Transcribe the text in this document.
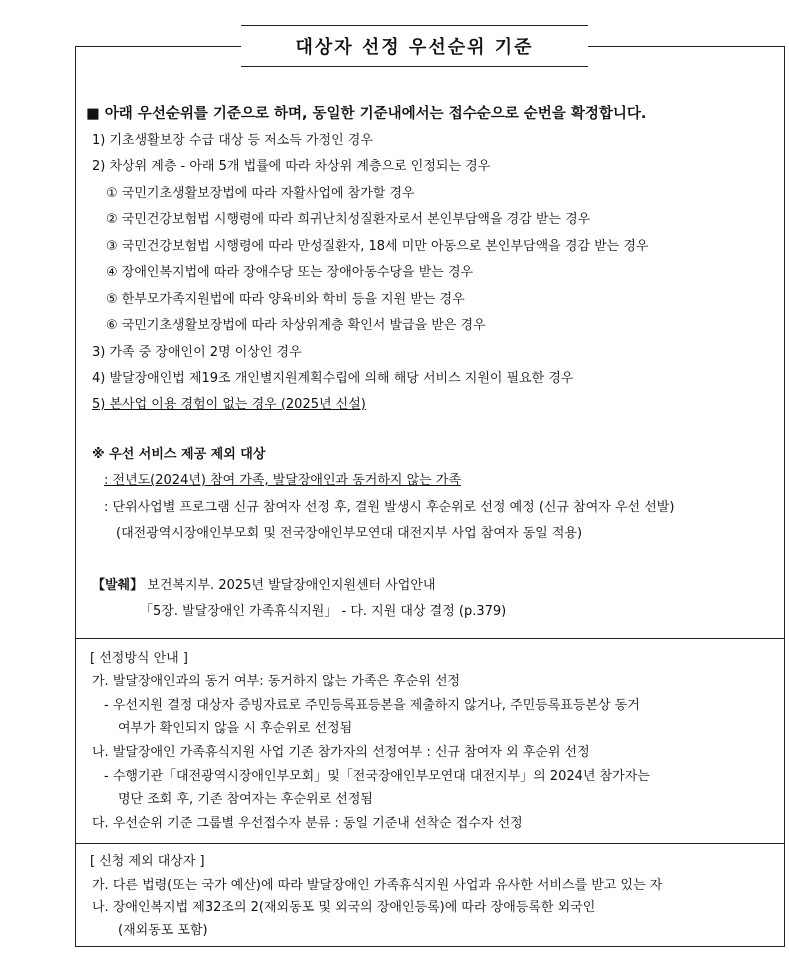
대상자 선정 우선순위 기준
■ 아래 우선순위를 기준으로 하며, 동일한 기준내에서는 접수순으로 순번을 확정합니다.
1) 기초생활보장 수급 대상 등 저소득 가정인 경우
2) 차상위 계층 - 아래 5개 법률에 따라 차상위 계층으로 인정되는 경우
① 국민기초생활보장법에 따라 자활사업에 참가할 경우
② 국민건강보험법 시행령에 따라 희귀난치성질환자로서 본인부담액을 경감 받는 경우
③ 국민건강보험법 시행령에 따라 만성질환자, 18세 미만 아동으로 본인부담액을 경감 받는 경우
④ 장애인복지법에 따라 장애수당 또는 장애아동수당을 받는 경우
⑤ 한부모가족지원법에 따라 양육비와 학비 등을 지원 받는 경우
⑥ 국민기초생활보장법에 따라 차상위계층 확인서 발급을 받은 경우
3) 가족 중 장애인이 2명 이상인 경우
4) 발달장애인법 제19조 개인별지원계획수립에 의해 해당 서비스 지원이 필요한 경우
5) 본사업 이용 경험이 없는 경우 (2025년 신설)
※ 우선 서비스 제공 제외 대상
: 전년도(2024년) 참여 가족, 발달장애인과 동거하지 않는 가족
: 단위사업별 프로그램 신규 참여자 선정 후, 결원 발생시 후순위로 선정 예정 (신규 참여자 우선 선발)
(대전광역시장애인부모회 및 전국장애인부모연대 대전지부 사업 참여자 동일 적용)
【발췌】 보건복지부. 2025년 발달장애인지원센터 사업안내
「5장. 발달장애인 가족휴식지원」 - 다. 지원 대상 결정 (p.379)
[ 선정방식 안내 ]
가. 발달장애인과의 동거 여부: 동거하지 않는 가족은 후순위 선정
- 우선지원 결정 대상자 증빙자료로 주민등록표등본을 제출하지 않거나, 주민등록표등본상 동거
여부가 확인되지 않을 시 후순위로 선정됨
나. 발달장애인 가족휴식지원 사업 기존 참가자의 선정여부 : 신규 참여자 외 후순위 선정
- 수행기관「대전광역시장애인부모회」및「전국장애인부모연대 대전지부」의 2024년 참가자는
명단 조회 후, 기존 참여자는 후순위로 선정됨
다. 우선순위 기준 그룹별 우선접수자 분류 : 동일 기준내 선착순 접수자 선정
[ 신청 제외 대상자 ]
가. 다른 법령(또는 국가 예산)에 따라 발달장애인 가족휴식지원 사업과 유사한 서비스를 받고 있는 자
나. 장애인복지법 제32조의 2(재외동포 및 외국의 장애인등록)에 따라 장애등록한 외국인
(재외동포 포함)
